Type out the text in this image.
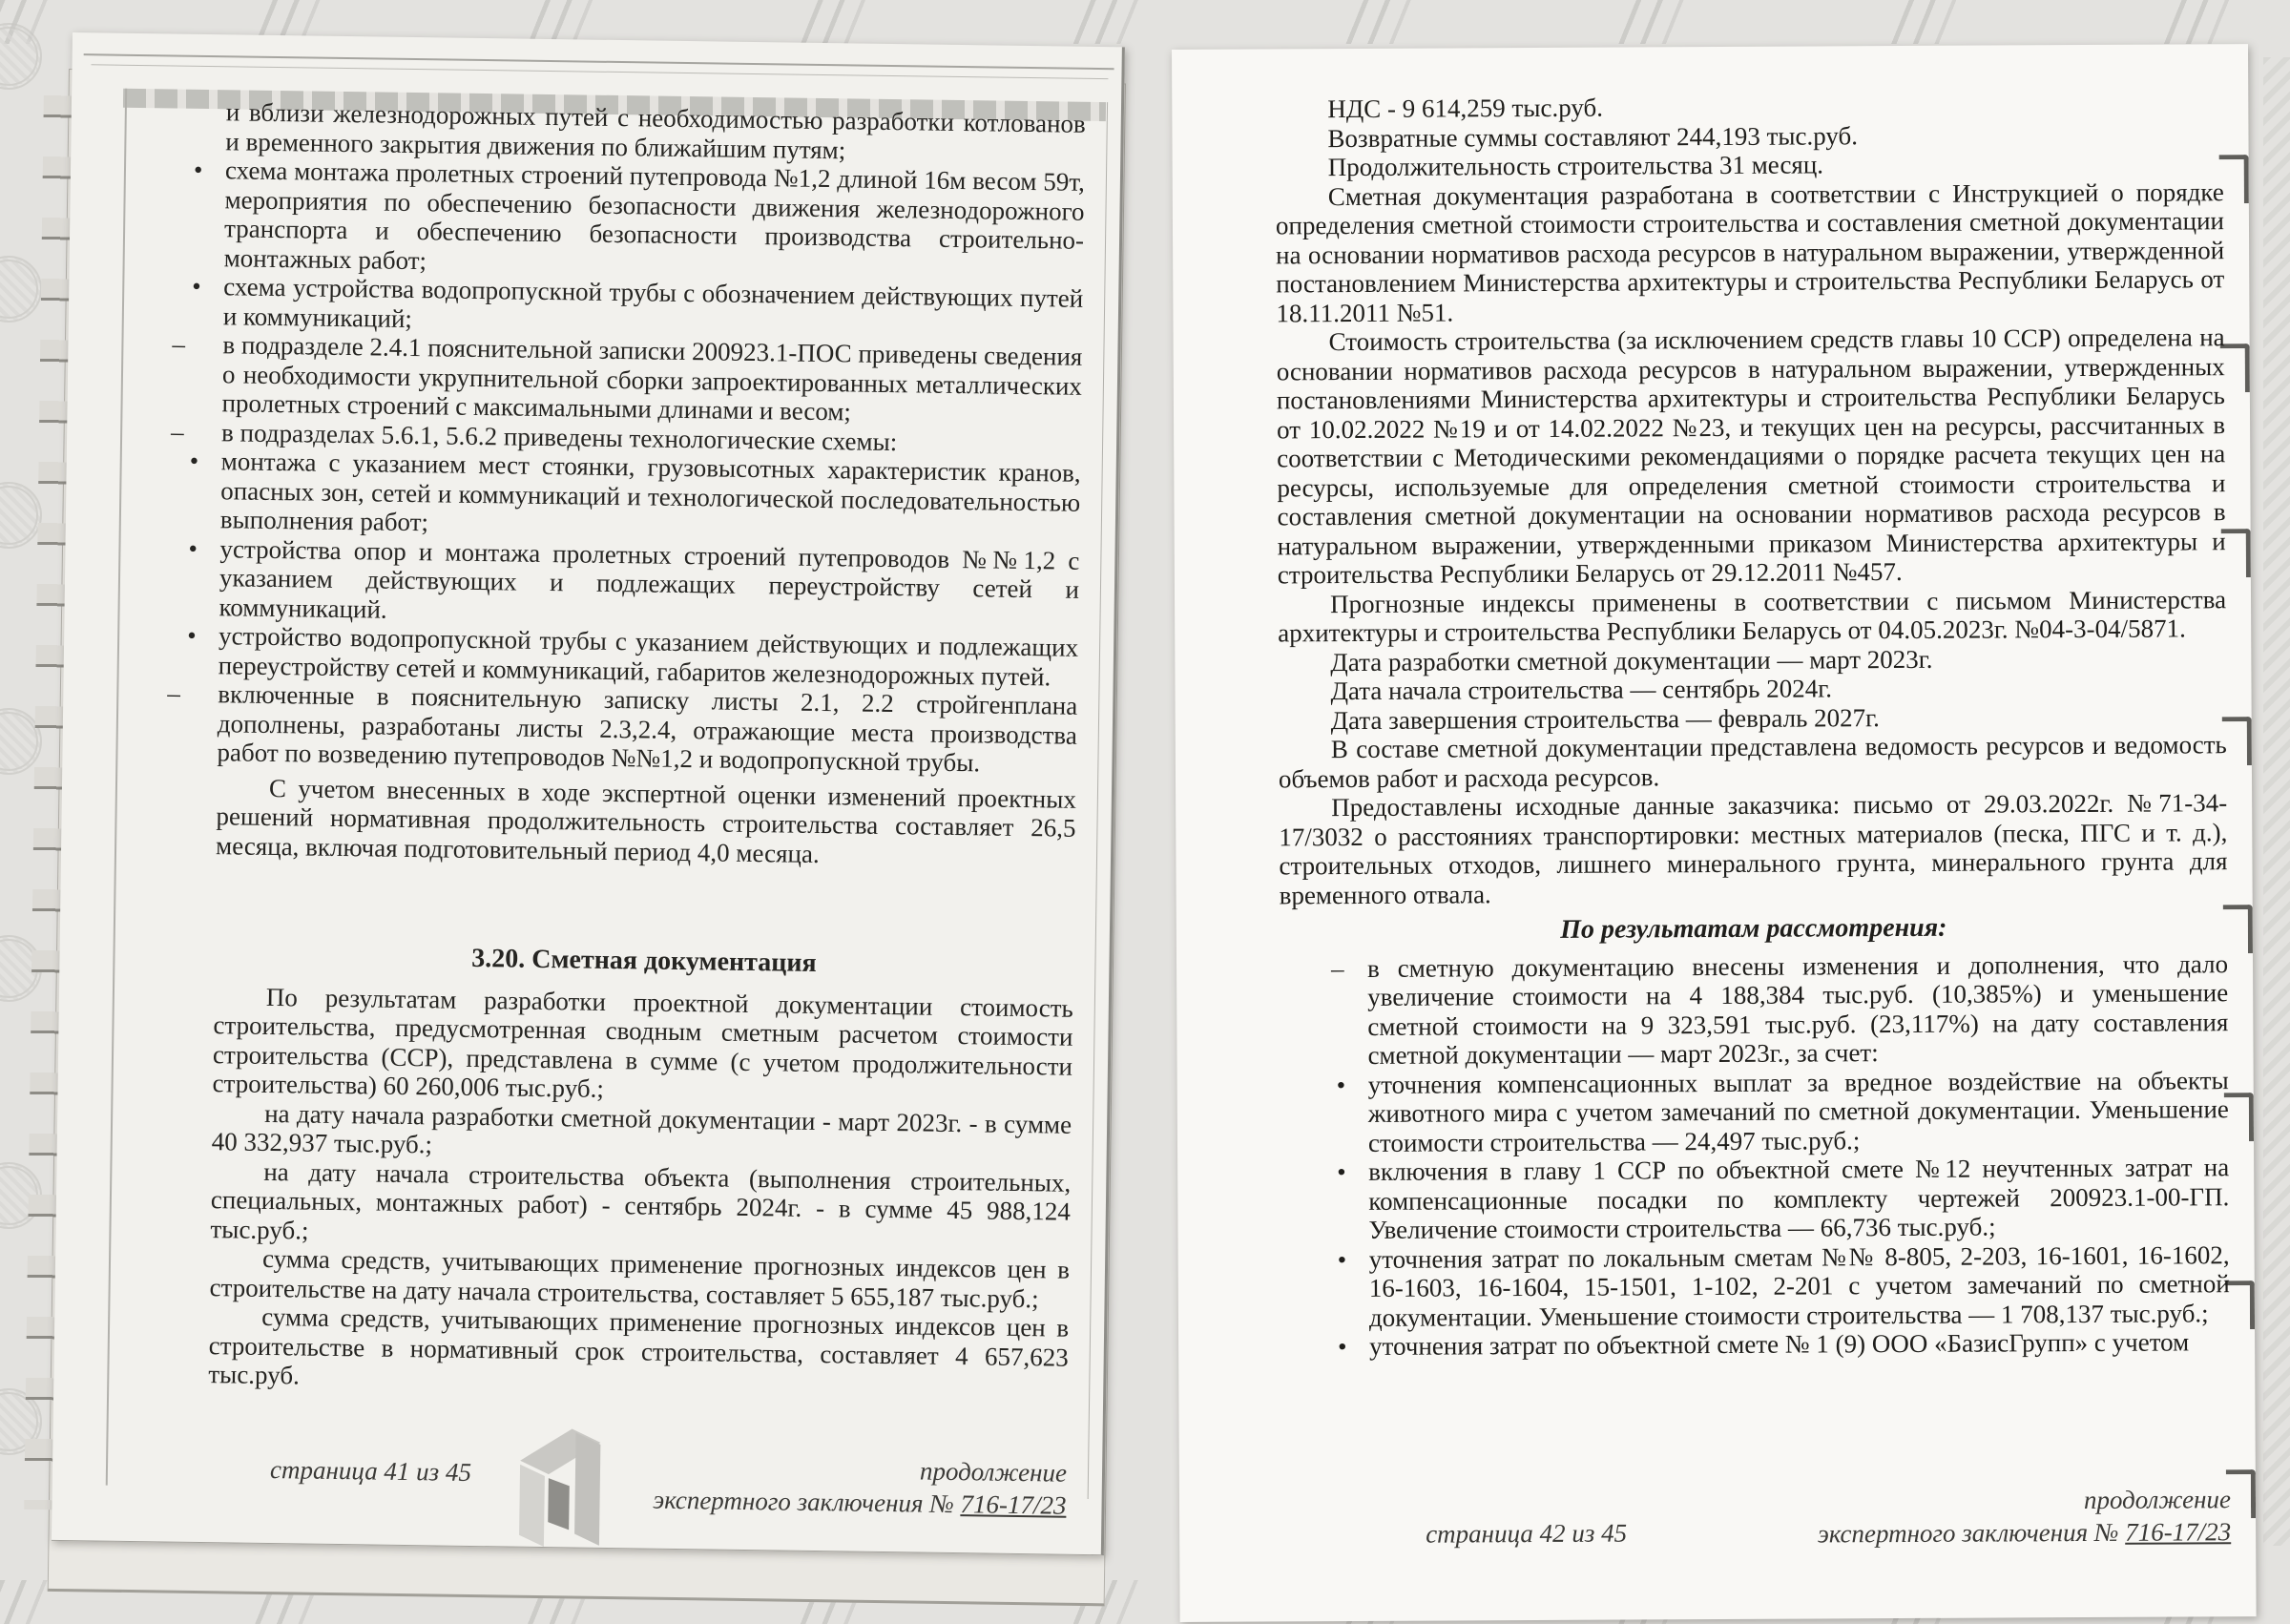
и вблизи железнодорожных путей с необходимостью разработки котлованов и временного закрытия движения по ближайшим путям;

• схема монтажа пролетных строений путепровода №1,2 длиной 16м весом 59т, мероприятия по обеспечению безопасности движения железнодорожного транспорта и обеспечению безопасности производства строительно-монтажных работ;
• схема устройства водопропускной трубы с обозначением действующих путей и коммуникаций;
– в подразделе 2.4.1 пояснительной записки 200923.1-ПОС приведены сведения о необходимости укрупнительной сборки запроектированных металлических пролетных строений с максимальными длинами и весом;
– в подразделах 5.6.1, 5.6.2 приведены технологические схемы:
• монтажа с указанием мест стоянки, грузовысотных характеристик кранов, опасных зон, сетей и коммуникаций и технологической последовательностью выполнения работ;
• устройства опор и монтажа пролетных строений путепроводов №№1,2 с указанием действующих и подлежащих переустройству сетей и коммуникаций.
• устройство водопропускной трубы с указанием действующих и подлежащих переустройству сетей и коммуникаций, габаритов железнодорожных путей.
– включенные в пояснительную записку листы 2.1, 2.2 стройгенплана дополнены, разработаны листы 2.3,2.4, отражающие места производства работ по возведению путепроводов №№1,2 и водопропускной трубы.

С учетом внесенных в ходе экспертной оценки изменений проектных решений нормативная продолжительность строительства составляет 26,5 месяца, включая подготовительный период 4,0 месяца.

3.20. Сметная документация

По результатам разработки проектной документации стоимость строительства, предусмотренная сводным сметным расчетом стоимости строительства (ССР), представлена в сумме (с учетом продолжительности строительства) 60 260,006 тыс.руб.;

на дату начала разработки сметной документации - март 2023г. - в сумме 40 332,937 тыс.руб.;

на дату начала строительства объекта (выполнения строительных, специальных, монтажных работ) - сентябрь 2024г. - в сумме 45 988,124 тыс.руб.;

сумма средств, учитывающих применение прогнозных индексов цен в строительстве на дату начала строительства, составляет 5 655,187 тыс.руб.;

сумма средств, учитывающих применение прогнозных индексов цен в строительстве в нормативный срок строительства, составляет 4 657,623 тыс.руб.

страница 41 из 45	продолжение
экспертного заключения № 716-17/23

НДС - 9 614,259 тыс.руб.

Возвратные суммы составляют 244,193 тыс.руб.

Продолжительность строительства 31 месяц.

Сметная документация разработана в соответствии с Инструкцией о порядке определения сметной стоимости строительства и составления сметной документации на основании нормативов расхода ресурсов в натуральном выражении, утвержденной постановлением Министерства архитектуры и строительства Республики Беларусь от 18.11.2011 №51.

Стоимость строительства (за исключением средств главы 10 ССР) определена на основании нормативов расхода ресурсов в натуральном выражении, утвержденных постановлениями Министерства архитектуры и строительства Республики Беларусь от 10.02.2022 №19 и от 14.02.2022 №23, и текущих цен на ресурсы, рассчитанных в соответствии с Методическими рекомендациями о порядке расчета текущих цен на ресурсы, используемые для определения сметной стоимости строительства и составления сметной документации на основании нормативов расхода ресурсов в натуральном выражении, утвержденными приказом Министерства архитектуры и строительства Республики Беларусь от 29.12.2011 №457.

Прогнозные индексы применены в соответствии с письмом Министерства архитектуры и строительства Республики Беларусь от 04.05.2023г. №04-3-04/5871.

Дата разработки сметной документации — март 2023г.

Дата начала строительства — сентябрь 2024г.

Дата завершения строительства — февраль 2027г.

В составе сметной документации представлена ведомость ресурсов и ведомость объемов работ и расхода ресурсов.

Предоставлены исходные данные заказчика: письмо от 29.03.2022г. №71-34-17/3032 о расстояниях транспортировки: местных материалов (песка, ПГС и т. д.), строительных отходов, лишнего минерального грунта, минерального грунта для временного отвала.

По результатам рассмотрения:

– в сметную документацию внесены изменения и дополнения, что дало увеличение стоимости на 4 188,384 тыс.руб. (10,385%) и уменьшение сметной стоимости на 9 323,591 тыс.руб. (23,117%) на дату составления сметной документации — март 2023г., за счет:
• уточнения компенсационных выплат за вредное воздействие на объекты животного мира с учетом замечаний по сметной документации. Уменьшение стоимости строительства — 24,497 тыс.руб.;
• включения в главу 1 ССР по объектной смете №12 неучтенных затрат на компенсационные посадки по комплекту чертежей 200923.1-00-ГП. Увеличение стоимости строительства — 66,736 тыс.руб.;
• уточнения затрат по локальным сметам №№ 8-805, 2-203, 16-1601, 16-1602, 16-1603, 16-1604, 15-1501, 1-102, 2-201 с учетом замечаний по сметной документации. Уменьшение стоимости строительства — 1 708,137 тыс.руб.;
• уточнения затрат по объектной смете № 1 (9) ООО «БазисГрупп» с учетом
страница 42 из 45
продолжение
экспертного заключения № 716-17/23
